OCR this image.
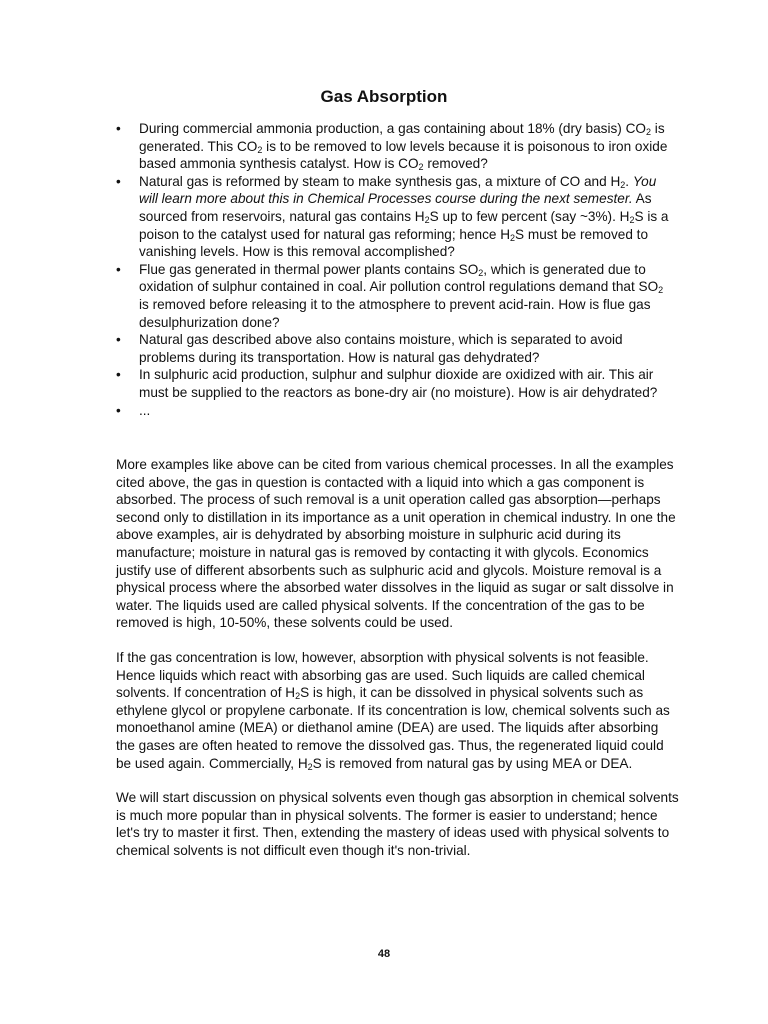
Gas Absorption
•	During commercial ammonia production, a gas containing about 18% (dry basis) $CO_2$ is generated. This $CO_2$ is to be removed to low levels because it is poisonous to iron oxide based ammonia synthesis catalyst. How is $CO_2$ removed?
•	Natural gas is reformed by steam to make synthesis gas, a mixture of CO and $H_2$. You will learn more about this in Chemical Processes course during the next semester. As sourced from reservoirs, natural gas contains $H_2S$ up to few percent (say ~3%). $H_2S$ is a poison to the catalyst used for natural gas reforming; hence $H_2S$ must be removed to vanishing levels. How is this removal accomplished?
•	Flue gas generated in thermal power plants contains $SO_2$, which is generated due to oxidation of sulphur contained in coal. Air pollution control regulations demand that $SO_2$ is removed before releasing it to the atmosphere to prevent acid-rain. How is flue gas desulphurization done?
•	Natural gas described above also contains moisture, which is separated to avoid problems during its transportation. How is natural gas dehydrated?
•	In sulphuric acid production, sulphur and sulphur dioxide are oxidized with air. This air must be supplied to the reactors as bone-dry air (no moisture). How is air dehydrated?
•	...

More examples like above can be cited from various chemical processes. In all the examples cited above, the gas in question is contacted with a liquid into which a gas component is absorbed. The process of such removal is a unit operation called gas absorption—perhaps second only to distillation in its importance as a unit operation in chemical industry. In one the above examples, air is dehydrated by absorbing moisture in sulphuric acid during its manufacture; moisture in natural gas is removed by contacting it with glycols. Economics justify use of different absorbents such as sulphuric acid and glycols. Moisture removal is a physical process where the absorbed water dissolves in the liquid as sugar or salt dissolve in water. The liquids used are called physical solvents. If the concentration of the gas to be removed is high, 10-50%, these solvents could be used.

If the gas concentration is low, however, absorption with physical solvents is not feasible. Hence liquids which react with absorbing gas are used. Such liquids are called chemical solvents. If concentration of $H_2S$ is high, it can be dissolved in physical solvents such as ethylene glycol or propylene carbonate. If its concentration is low, chemical solvents such as monoethanol amine (MEA) or diethanol amine (DEA) are used. The liquids after absorbing the gases are often heated to remove the dissolved gas. Thus, the regenerated liquid could be used again. Commercially, $H_2S$ is removed from natural gas by using MEA or DEA.

We will start discussion on physical solvents even though gas absorption in chemical solvents is much more popular than in physical solvents. The former is easier to understand; hence let's try to master it first. Then, extending the mastery of ideas used with physical solvents to chemical solvents is not difficult even though it's non-trivial.

48
